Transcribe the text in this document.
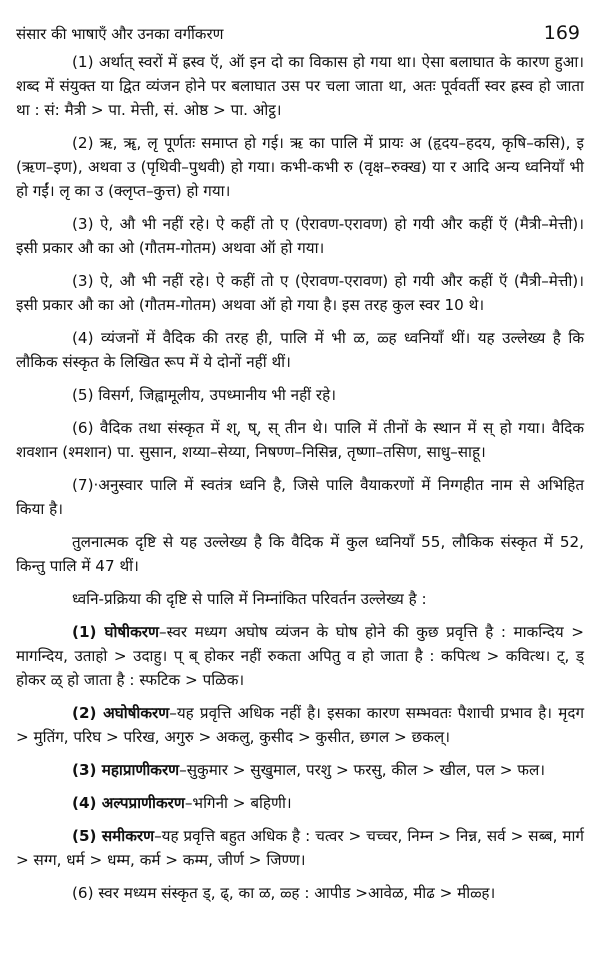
संसार की भाषाएँ और उनका वर्गीकरण	169

(1) अर्थात् स्वरों में ह्रस्व ऍ, ऑ इन दो का विकास हो गया था। ऐसा बलाघात के कारण हुआ। शब्द में संयुक्त या द्वित व्यंजन होने पर बलाघात उस पर चला जाता था, अतः पूर्ववर्ती स्वर ह्रस्व हो जाता था : सं: मैत्री > पा. मेत्ती, सं. ओष्ठ > पा. ओट्ठ।

(2) ऋ, ॠ, लृ पूर्णतः समाप्त हो गई। ऋ का पालि में प्रायः अ (हृदय–हदय, कृषि–कसि), इ (ऋण–इण), अथवा उ (पृथिवी–पुथवी) हो गया। कभी-कभी रु (वृक्ष–रुक्ख) या र आदि अन्य ध्वनियाँ भी हो गईं। लृ का उ (क्लृप्त–कुत्त) हो गया।

(3) ऐ, औ भी नहीं रहे। ऐ कहीं तो ए (ऐरावण-एरावण) हो गयी और कहीं ऍ (मैत्री–मेत्ती)। इसी प्रकार औ का ओ (गौतम-गोतम) अथवा ऑ हो गया।

(3) ऐ, औ भी नहीं रहे। ऐ कहीं तो ए (ऐरावण-एरावण) हो गयी और कहीं ऍ (मैत्री–मेत्ती)। इसी प्रकार औ का ओ (गौतम-गोतम) अथवा ऑ हो गया है। इस तरह कुल स्वर 10 थे।

(4) व्यंजनों में वैदिक की तरह ही, पालि में भी ळ, ळ्ह ध्वनियाँ थीं। यह उल्लेख्य है कि लौकिक संस्कृत के लिखित रूप में ये दोनों नहीं थीं।

(5) विसर्ग, जिह्वामूलीय, उपध्मानीय भी नहीं रहे।

(6) वैदिक तथा संस्कृत में श्, ष्, स् तीन थे। पालि में तीनों के स्थान में स् हो गया। वैदिक शवशान (श्मशान) पा. सुसान, शय्या–सेय्या, निषण्ण–निसिन्न, तृष्णा–तसिण, साधु–साहू।

(7)·अनुस्वार पालि में स्वतंत्र ध्वनि है, जिसे पालि वैयाकरणों में निग्गहीत नाम से अभिहित किया है।

तुलनात्मक दृष्टि से यह उल्लेख्य है कि वैदिक में कुल ध्वनियाँ 55, लौकिक संस्कृत में 52, किन्तु पालि में 47 थीं।

ध्वनि-प्रक्रिया की दृष्टि से पालि में निम्नांकित परिवर्तन उल्लेख्य है :

(1) घोषीकरण–स्वर मध्यग अघोष व्यंजन के घोष होने की कुछ प्रवृत्ति है : माकन्दिय > मागन्दिय, उताहो > उदाहु। प् ब् होकर नहीं रुकता अपितु व हो जाता है : कपित्थ > कवित्थ। ट्, ड् होकर ळ् हो जाता है : स्फटिक > पळिक।

(2) अघोषीकरण–यह प्रवृत्ति अधिक नहीं है। इसका कारण सम्भवतः पैशाची प्रभाव है। मृदग > मुतिंग, परिघ > परिख, अगुरु > अकलु, कुसीद > कुसीत, छगल > छकल्।

(3) महाप्राणीकरण–सुकुमार > सुखुमाल, परशु > फरसु, कील > खील, पल > फल।

(4) अल्पप्राणीकरण–भगिनी > बहिणी।

(5) समीकरण–यह प्रवृत्ति बहुत अधिक है : चत्वर > चच्चर, निम्न > निन्न, सर्व > सब्ब, मार्ग > सग्ग, धर्म > धम्म, कर्म > कम्म, जीर्ण > जिण्ण।

(6) स्वर मध्यम संस्कृत ड्, ढ्, का ळ, ळ्ह : आपीड >आवेळ, मीढ > मीळ्ह।
